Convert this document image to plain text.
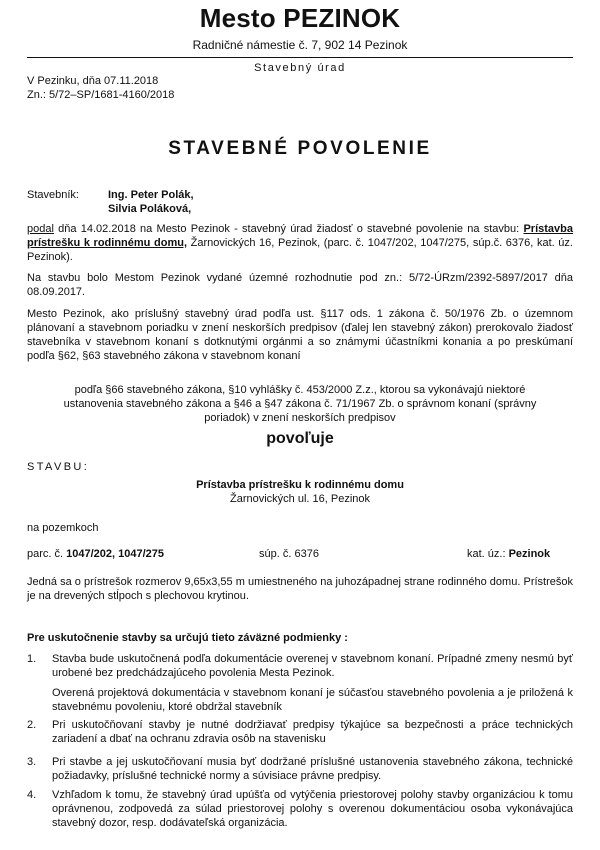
Mesto PEZINOK
Radničné námestie č. 7, 902 14 Pezinok
Stavebný úrad
V Pezinku, dňa 07.11.2018
Zn.: 5/72–SP/1681-4160/2018
STAVEBNÉ POVOLENIE
Stavebník:	Ing. Peter Polák,
Silvia Poláková,
podal dňa 14.02.2018 na Mesto Pezinok - stavebný úrad žiadosť o stavebné povolenie na stavbu: Prístavba prístrešku k rodinnému domu, Žarnovických 16, Pezinok, (parc. č. 1047/202, 1047/275, súp.č. 6376, kat. úz. Pezinok).
Na stavbu bolo Mestom Pezinok vydané územné rozhodnutie pod zn.: 5/72-ÚRzm/2392-5897/2017 dňa 08.09.2017.
Mesto Pezinok, ako príslušný stavebný úrad podľa ust. §117 ods. 1 zákona č. 50/1976 Zb. o územnom plánovaní a stavebnom poriadku v znení neskorších predpisov (ďalej len stavebný zákon) prerokovalo žiadosť stavebníka v stavebnom konaní s dotknutými orgánmi a so známymi účastníkmi konania a po preskúmaní podľa §62, §63 stavebného zákona v stavebnom konaní
podľa §66 stavebného zákona, §10 vyhlášky č. 453/2000 Z.z., ktorou sa vykonávajú niektoré
ustanovenia stavebného zákona a §46 a §47 zákona č. 71/1967 Zb. o správnom konaní (správny
poriadok) v znení neskorších predpisov
povoľuje
STAVBU:
Prístavba prístrešku k rodinnému domu
Žarnovických ul. 16, Pezinok
na pozemkoch
parc. č. 1047/202, 1047/275	súp. č. 6376	kat. úz.: Pezinok
Jedná sa o prístrešok rozmerov 9,65x3,55 m umiestneného na juhozápadnej strane rodinného domu. Prístrešok je na drevených stĺpoch s plechovou krytinou.
Pre uskutočnenie stavby sa určujú tieto záväzné podmienky :
1. Stavba bude uskutočnená podľa dokumentácie overenej v stavebnom konaní. Prípadné zmeny nesmú byť urobené bez predchádzajúceho povolenia Mesta Pezinok.
Overená projektová dokumentácia v stavebnom konaní je súčasťou stavebného povolenia a je priložená k stavebnému povoleniu, ktoré obdržal stavebník
2. Pri uskutočňovaní stavby je nutné dodržiavať predpisy týkajúce sa bezpečnosti a práce technických zariadení a dbať na ochranu zdravia osôb na stavenisku
3. Pri stavbe a jej uskutočňovaní musia byť dodržané príslušné ustanovenia stavebného zákona, technické požiadavky, príslušné technické normy a súvisiace právne predpisy.
4. Vzhľadom k tomu, že stavebný úrad upúšťa od vytýčenia priestorovej polohy stavby organizáciou k tomu oprávnenou, zodpovedá za súlad priestorovej polohy s overenou dokumentáciou osoba vykonávajúca stavebný dozor, resp. dodávateľská organizácia.
